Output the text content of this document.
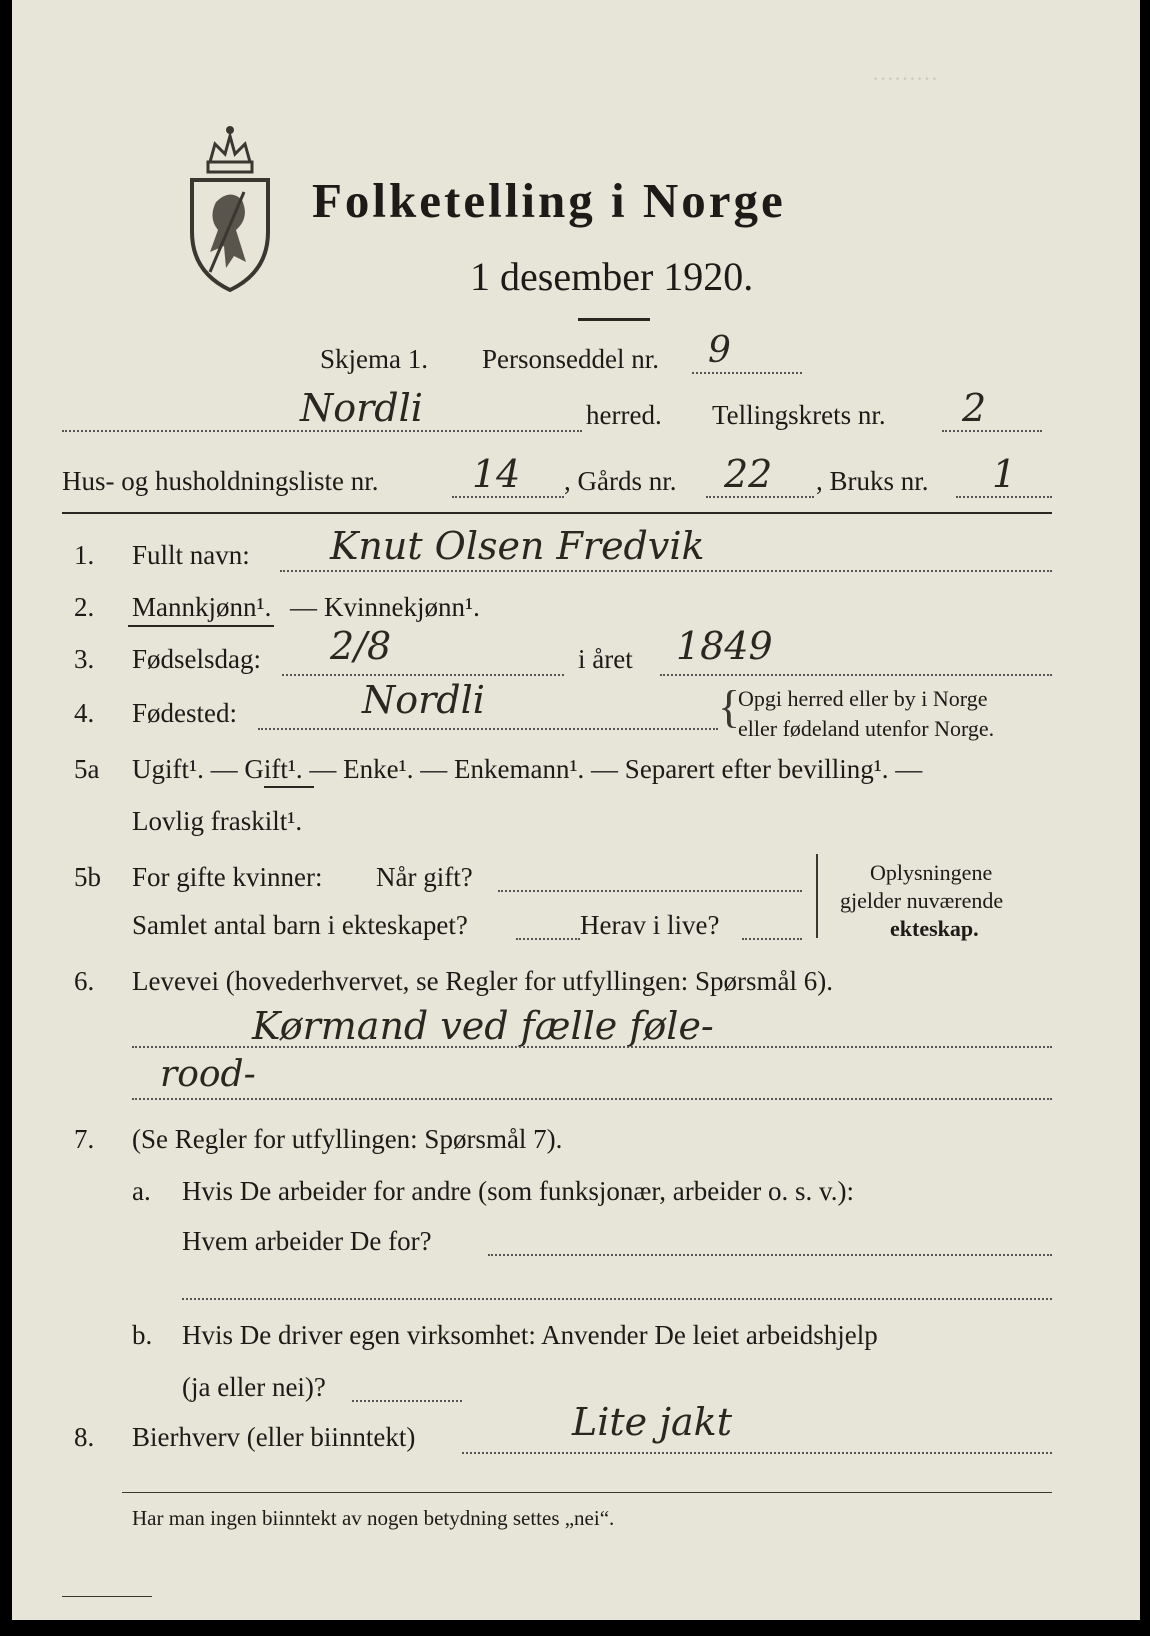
………
Folketelling i Norge
1 desember 1920.
Skjema 1. Personseddel nr. 9
Nordli	herred. Tellingskrets nr. 2
Hus- og husholdningsliste nr. 14 , Gårds nr. 22 , Bruks nr. 1
1. Fullt navn: Knut Olsen Fredvik
2. Mannkjønn¹. — Kvinnekjønn¹.
3. Fødselsdag: 2/8	i året 1849
4. Fødested:	Nordli	{
Opgi herred eller by i Norge
eller fødeland utenfor Norge.
5a Ugift¹. — Gift¹. — Enke¹. — Enkemann¹. — Separert efter bevilling¹. —
Lovlig fraskilt¹.
5b For gifte kvinner: Når gift?
Samlet antal barn i ekteskapet?	Herav i live?
Oplysningene
gjelder nuværende
ekteskap.
6. Levevei (hovederhvervet, se Regler for utfyllingen: Spørsmål 6).
Kørmand ved fælle føle-
rood-
7. (Se Regler for utfyllingen: Spørsmål 7).
a. Hvis De arbeider for andre (som funksjonær, arbeider o. s. v.):
Hvem arbeider De for?
b. Hvis De driver egen virksomhet: Anvender De leiet arbeidshjelp
(ja eller nei)?
8. Bierhverv (eller biinntekt)	Lite jakt
Har man ingen biinntekt av nogen betydning settes „nei“.
